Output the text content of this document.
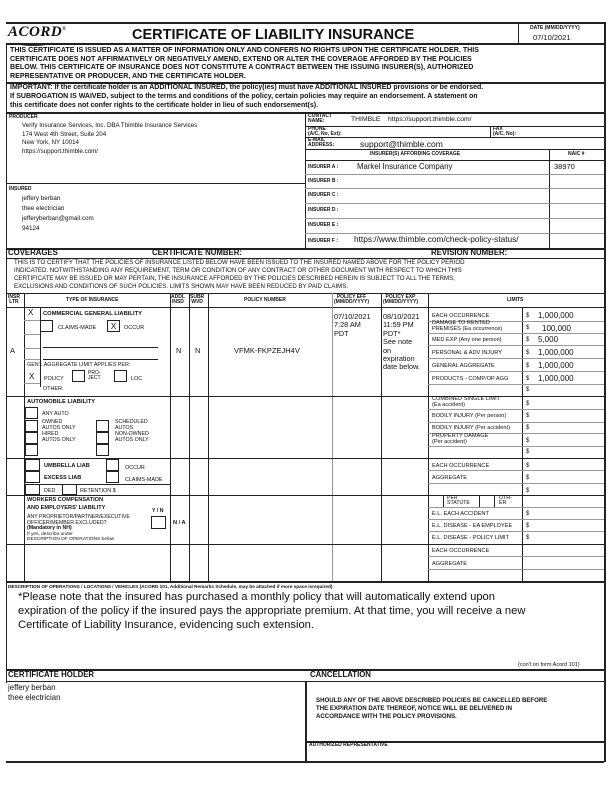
ACORD®	CERTIFICATE OF LIABILITY INSURANCE	DATE (MM/DD/YYYY)
07/10/2021
THIS CERTIFICATE IS ISSUED AS A MATTER OF INFORMATION ONLY AND CONFERS NO RIGHTS UPON THE CERTIFICATE HOLDER. THIS
CERTIFICATE DOES NOT AFFIRMATIVELY OR NEGATIVELY AMEND, EXTEND OR ALTER THE COVERAGE AFFORDED BY THE POLICIES
BELOW. THIS CERTIFICATE OF INSURANCE DOES NOT CONSTITUTE A CONTRACT BETWEEN THE ISSUING INSURER(S), AUTHORIZED
REPRESENTATIVE OR PRODUCER, AND THE CERTIFICATE HOLDER.
IMPORTANT: If the certificate holder is an ADDITIONAL INSURED, the policy(ies) must have ADDITIONAL INSURED provisions or be endorsed.
If SUBROGATION IS WAIVED, subject to the terms and conditions of the policy, certain policies may require an endorsement. A statement on
this certificate does not confer rights to the certificate holder in lieu of such endorsement(s).
PRODUCER
Verify Insurance Services, Inc. DBA Thimble Insurance Services
174 West 4th Street, Suite 204
New York, NY 10014
https://support.thimble.com/
CONTACT
NAME:	THIMBLE https://support.thimble.com/
PHONE
(A/C, No, Ext):
FAX
(A/C, No):
E-MAIL
ADDRESS:	support@thimble.com
INSURER(S) AFFORDING COVERAGE	NAIC #
INSURER A : Markel Insurance Company	38970
INSURER B :
INSURER C :
INSURER D :
INSURER E :
INSURER F : https://www.thimble.com/check-policy-status/
INSURED
jeffery berban
thee electrician
jefferyberban@gmail.com
94124
COVERAGES	CERTIFICATE NUMBER:	REVISION NUMBER:
THIS IS TO CERTIFY THAT THE POLICIES OF INSURANCE LISTED BELOW HAVE BEEN ISSUED TO THE INSURED NAMED ABOVE FOR THE POLICY PERIOD
INDICATED. NOTWITHSTANDING ANY REQUIREMENT, TERM OR CONDITION OF ANY CONTRACT OR OTHER DOCUMENT WITH RESPECT TO WHICH THIS
CERTIFICATE MAY BE ISSUED OR MAY PERTAIN, THE INSURANCE AFFORDED BY THE POLICIES DESCRIBED HEREIN IS SUBJECT TO ALL THE TERMS,
EXCLUSIONS AND CONDITIONS OF SUCH POLICIES. LIMITS SHOWN MAY HAVE BEEN REDUCED BY PAID CLAIMS.
INSR
LTR	TYPE OF INSURANCE	ADDL
INSD
SUBR
WVD	POLICY NUMBER	POLICY EFF
(MM/DD/YYYY)
POLICY EXP
(MM/DD/YYYY)	LIMITS
A
X COMMERCIAL GENERAL LIABILITY
CLAIMS-MADE	X	OCCUR
GEN'L AGGREGATE LIMIT APPLIES PER:
X POLICY
PRO-
JECT	LOC
OTHER:
N N	VFMK-FKPZEJH4V
07/10/2021
7:28 AM
PDT
08/10/2021
11:59 PM
PDT*
See note
on
expiration
date below.
EACH OCCURRENCE	$ 1,000,000
DAMAGE TO RENTED
PREMISES (Ea occurrence)	$ 100,000
MED EXP (Any one person)	$ 5,000
PERSONAL & ADV INJURY	$ 1,000,000
GENERAL AGGREGATE	$ 1,000,000
PRODUCTS - COMP/OP AGG	$ 1,000,000
$
AUTOMOBILE LIABILITY
ANY AUTO
OWNED
AUTOS ONLY
SCHEDULED
AUTOS
HIRED
AUTOS ONLY
NON-OWNED
AUTOS ONLY
COMBINED SINGLE LIMIT
(Ea accident)	$
BODILY INJURY (Per person)	$
BODILY INJURY (Per accident)	$
PROPERTY DAMAGE
(Per accident)	$
$
UMBRELLA LIAB	OCCUR
EXCESS LIAB	CLAIMS-MADE
DED	RETENTION $
EACH OCCURRENCE	$
AGGREGATE	$
$
WORKERS COMPENSATION
AND EMPLOYERS' LIABILITY
Y / N
ANY PROPRIETOR/PARTNER/EXECUTIVE
OFFICER/MEMBER EXCLUDED?
(Mandatory in NH)
If yes, describe under
DESCRIPTION OF OPERATIONS below
N / A
PER
STATUTE
OTH-
ER
E.L. EACH ACCIDENT	$
E.L. DISEASE - EA EMPLOYEE $
E.L. DISEASE - POLICY LIMIT	$
EACH OCCURRENCE
AGGREGATE
DESCRIPTION OF OPERATIONS / LOCATIONS / VEHICLES (ACORD 101, Additional Remarks Schedule, may be attached if more space isrequired)
*Please note that the insured has purchased a monthly policy that will automatically extend upon
expiration of the policy if the insured pays the appropriate premium. At that time, you will receive a new
Certificate of Liability Insurance, evidencing such extension.
(con't on form Acord 101)
CERTIFICATE HOLDER
jeffery berban
thee electrician
CANCELLATION
SHOULD ANY OF THE ABOVE DESCRIBED POLICIES BE CANCELLED BEFORE
THE EXPIRATION DATE THEREOF, NOTICE WILL BE DELIVERED IN
ACCORDANCE WITH THE POLICY PROVISIONS.
AUTHORIZED REPRESENTATIVE
